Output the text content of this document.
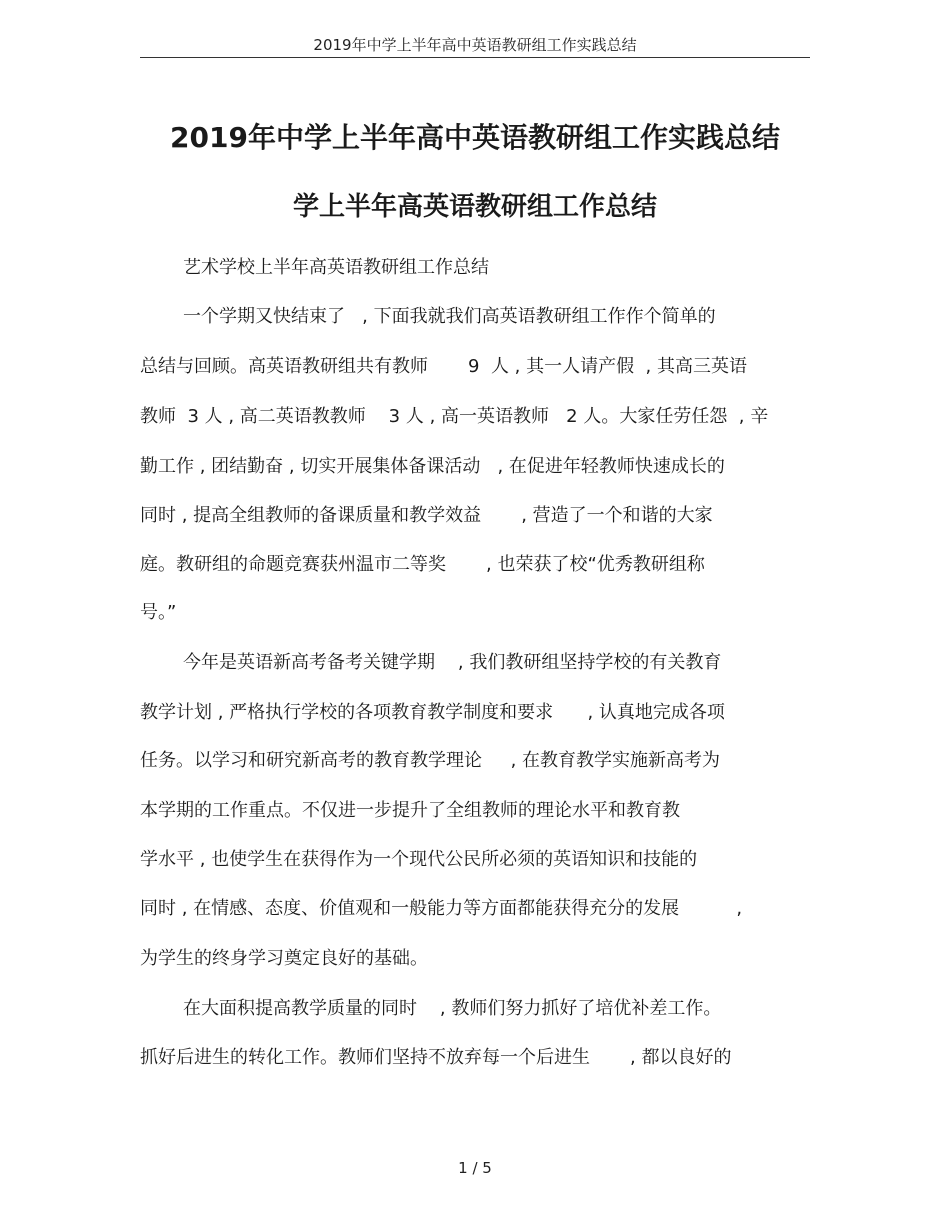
2019年中学上半年高中英语教研组工作实践总结
2019年中学上半年高中英语教研组工作实践总结
学上半年高英语教研组工作总结
艺术学校上半年高英语教研组工作总结
一个学期又快结束了   , 下面我就我们高英语教研组工作作个简单的
总结与回顾。高英语教研组共有教师       9  人 , 其一人请产假  , 其高三英语
教师  3 人 , 高二英语教教师    3 人 , 高一英语教师   2 人。大家任劳任怨  , 辛
勤工作 , 团结勤奋 , 切实开展集体备课活动   , 在促进年轻教师快速成长的
同时 , 提高全组教师的备课质量和教学效益       , 营造了一个和谐的大家
庭。教研组的命题竞赛获州温市二等奖       , 也荣获了校“优秀教研组称
号。”
今年是英语新高考备考关键学期    , 我们教研组坚持学校的有关教育
教学计划 , 严格执行学校的各项教育教学制度和要求      , 认真地完成各项
任务。以学习和研究新高考的教育教学理论     , 在教育教学实施新高考为
本学期的工作重点。不仅进一步提升了全组教师的理论水平和教育教
学水平 , 也使学生在获得作为一个现代公民所必须的英语知识和技能的
同时 , 在情感、态度、价值观和一般能力等方面都能获得充分的发展          ,
为学生的终身学习奠定良好的基础。
在大面积提高教学质量的同时    , 教师们努力抓好了培优补差工作。
抓好后进生的转化工作。教师们坚持不放弃每一个后进生       , 都以良好的
1 / 5
